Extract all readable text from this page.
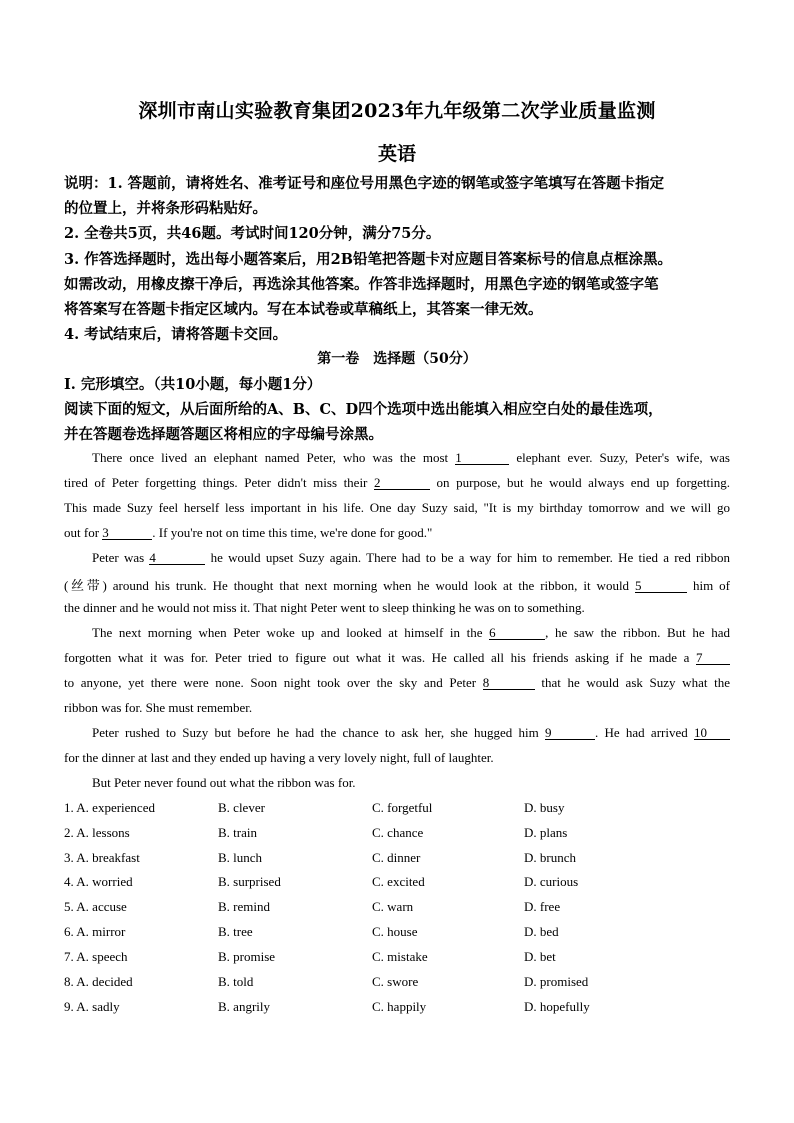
深圳市南山实验教育集团2023年九年级第二次学业质量监测
英语
说明：1. 答题前，请将姓名、准考证号和座位号用黑色字迹的钢笔或签字笔填写在答题卡指定
的位置上，并将条形码粘贴好。
2. 全卷共5页，共46题。考试时间120分钟，满分75分。
3. 作答选择题时，选出每小题答案后，用2B铅笔把答题卡对应题目答案标号的信息点框涂黑。
如需改动，用橡皮擦干净后，再选涂其他答案。作答非选择题时，用黑色字迹的钢笔或签字笔
将答案写在答题卡指定区域内。写在本试卷或草稿纸上，其答案一律无效。
4. 考试结束后，请将答题卡交回。
第一卷　选择题（50分）
Ⅰ. 完形填空。（共10小题，每小题1分）
阅读下面的短文，从后面所给的A、B、C、D四个选项中选出能填入相应空白处的最佳选项，
并在答题卷选择题答题区将相应的字母编号涂黑。
There once lived an elephant named Peter, who was the most 1	elephant ever. Suzy, Peter's wife, was
tired of Peter forgetting things. Peter didn't miss their 2	on purpose, but he would always end up forgetting.
This made Suzy feel herself less important in his life. One day Suzy said, "It is my birthday tomorrow and we will go
out for 3	. If you're not on time this time, we're done for good."
Peter was 4	he would upset Suzy again. There had to be a way for him to remember. He tied a red ribbon
(丝带) around his trunk. He thought that next morning when he would look at the ribbon, it would 5	him of
the dinner and he would not miss it. That night Peter went to sleep thinking he was on to something.
The next morning when Peter woke up and looked at himself in the 6	, he saw the ribbon. But he had
forgotten what it was for. Peter tried to figure out what it was. He called all his friends asking if he made a 7
to anyone, yet there were none. Soon night took over the sky and Peter 8	that he would ask Suzy what the
ribbon was for. She must remember.
Peter rushed to Suzy but before he had the chance to ask her, she hugged him 9	. He had arrived 10
for the dinner at last and they ended up having a very lovely night, full of laughter.
But Peter never found out what the ribbon was for.
1. A. experienced	B. clever	C. forgetful	D. busy
2. A. lessons	B. train	C. chance	D. plans
3. A. breakfast	B. lunch	C. dinner	D. brunch
4. A. worried	B. surprised	C. excited	D. curious
5. A. accuse	B. remind	C. warn	D. free
6. A. mirror	B. tree	C. house	D. bed
7. A. speech	B. promise	C. mistake	D. bet
8. A. decided	B. told	C. swore	D. promised
9. A. sadly	B. angrily	C. happily	D. hopefully
